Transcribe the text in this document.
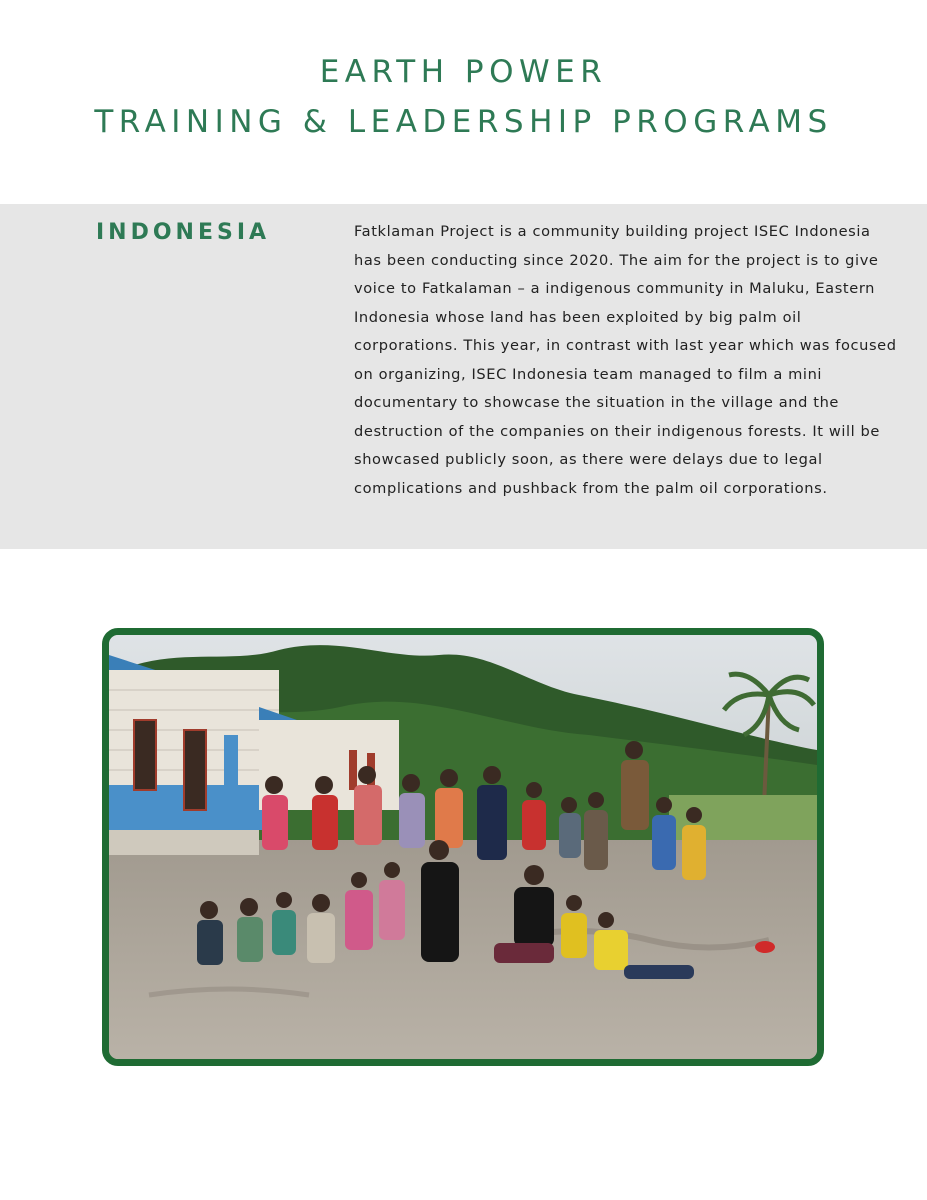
EARTH POWER
TRAINING & LEADERSHIP PROGRAMS
INDONESIA	Fatklaman Project is a community building project ISEC Indonesia has been conducting since 2020. The aim for the project is to give voice to Fatkalaman – a indigenous community in Maluku, Eastern Indonesia whose land has been exploited by big palm oil corporations. This year, in contrast with last year which was focused on organizing, ISEC Indonesia team managed to film a mini documentary to showcase the situation in the village and the destruction of the companies on their indigenous forests. It will be showcased publicly soon, as there were delays due to legal complications and pushback from the palm oil corporations.
